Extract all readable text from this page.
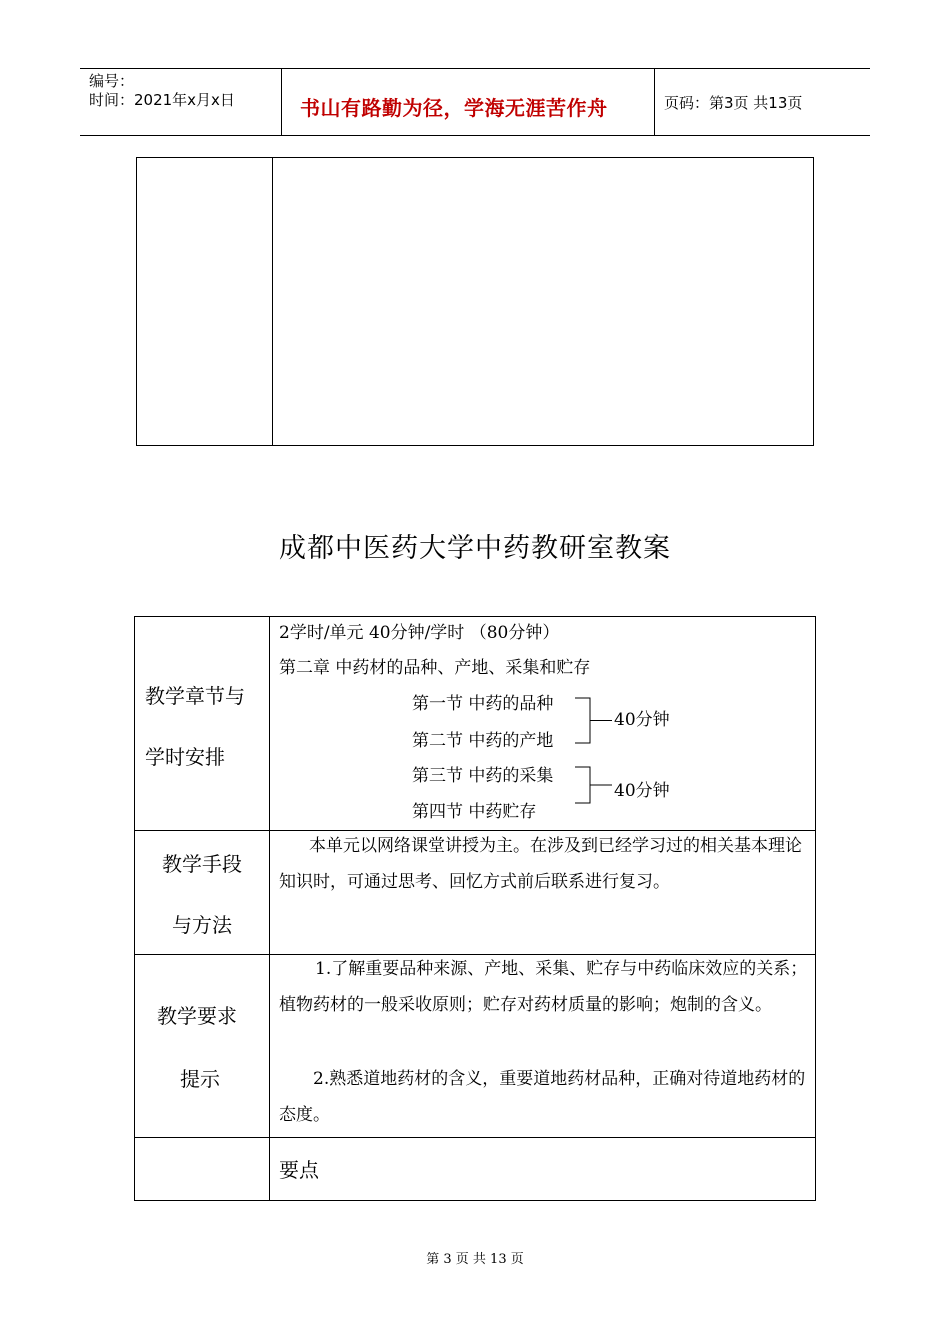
编号：
时间：2021年x月x日	书山有路勤为径，学海无涯苦作舟	页码：第3页 共13页
成都中医药大学中药教研室教案
教学章节与
学时安排
2学时/单元 40分钟/学时 （80分钟）
第二章 中药材的品种、产地、采集和贮存
第一节 中药的品种
第二节 中药的产地
第三节 中药的采集
第四节 中药贮存
40分钟
40分钟
教学手段
与方法
本单元以网络课堂讲授为主。在涉及到已经学习过的相关基本理论知识时，可通过思考、回忆方式前后联系进行复习。
教学要求
提示
1.了解重要品种来源、产地、采集、贮存与中药临床效应的关系；植物药材的一般采收原则；贮存对药材质量的影响；炮制的含义。
2.熟悉道地药材的含义，重要道地药材品种，正确对待道地药材的态度。
要点
第 3 页 共 13 页
